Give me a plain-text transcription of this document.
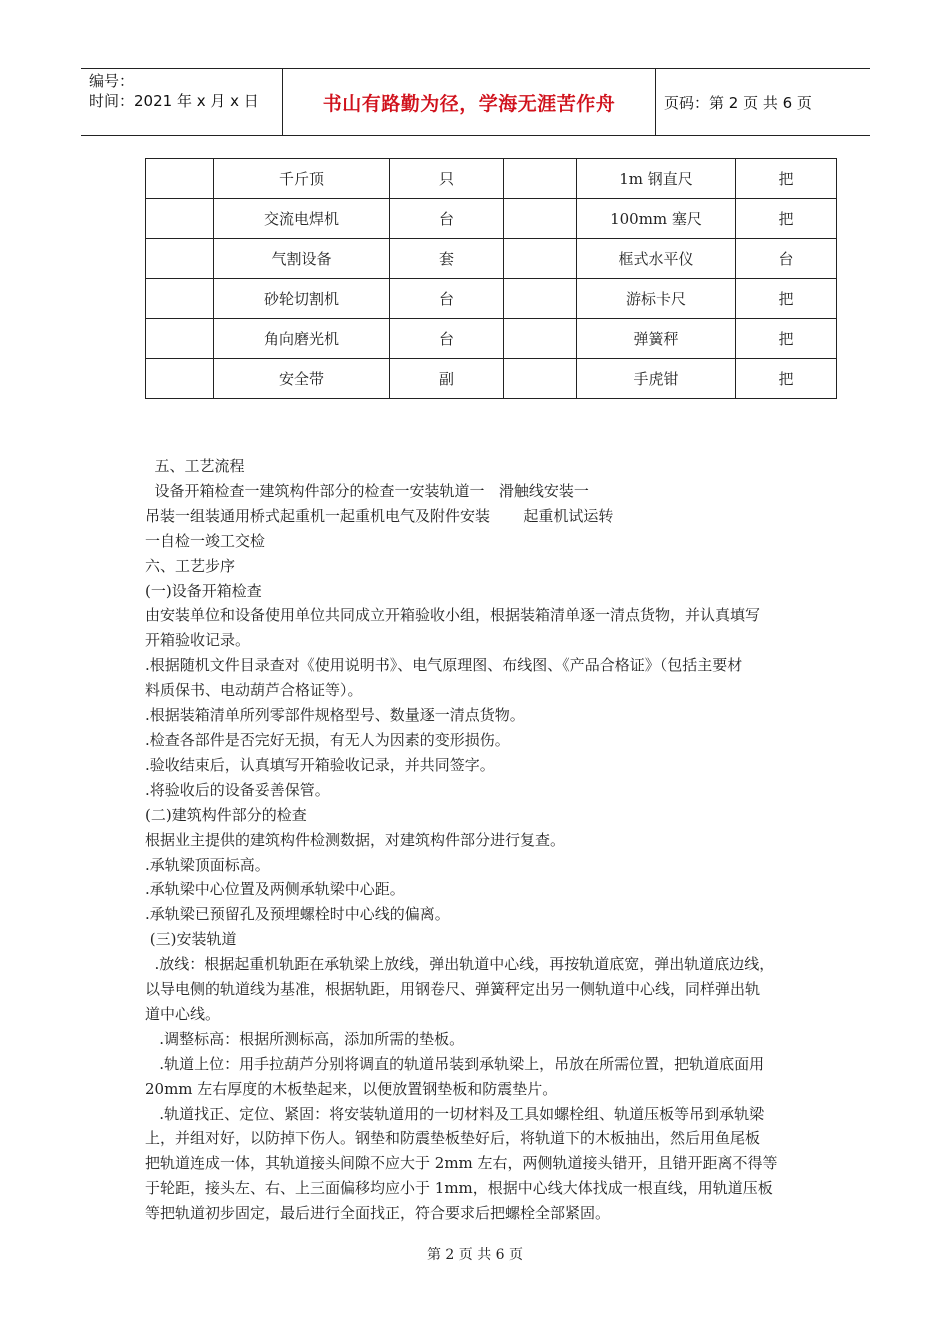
编号：
时间：2021 年 x 月 x 日	书山有路勤为径，学海无涯苦作舟	页码：第 2 页 共 6 页
	千斤顶	只		1m 钢直尺	把
	交流电焊机	台		100mm 塞尺	把
	气割设备	套		框式水平仪	台
	砂轮切割机	台		游标卡尺	把
	角向磨光机	台		弹簧秤	把
	安全带	副		手虎钳	把

五、工艺流程

设备开箱检查一建筑构件部分的检查一安装轨道一   滑触线安装一

吊装一组装通用桥式起重机一起重机电气及附件安装       起重机试运转

一自检一竣工交检

六、工艺步序

(一)设备开箱检查

由安装单位和设备使用单位共同成立开箱验收小组，根据装箱清单逐一清点货物，并认真填写

开箱验收记录。

.根据随机文件目录查对《使用说明书》、电气原理图、布线图、《产品合格证》（包括主要材

料质保书、电动葫芦合格证等）。

.根据装箱清单所列零部件规格型号、数量逐一清点货物。

.检查各部件是否完好无损，有无人为因素的变形损伤。

.验收结束后，认真填写开箱验收记录，并共同签字。

.将验收后的设备妥善保管。

(二)建筑构件部分的检查

根据业主提供的建筑构件检测数据，对建筑构件部分进行复查。

.承轨梁顶面标高。

.承轨梁中心位置及两侧承轨梁中心距。

.承轨梁已预留孔及预埋螺栓时中心线的偏离。

(三)安装轨道

.放线：根据起重机轨距在承轨梁上放线，弹出轨道中心线，再按轨道底宽，弹出轨道底边线，

以导电侧的轨道线为基准，根据轨距，用钢卷尺、弹簧秤定出另一侧轨道中心线，同样弹出轨

道中心线。

.调整标高：根据所测标高，添加所需的垫板。

.轨道上位：用手拉葫芦分别将调直的轨道吊装到承轨梁上，吊放在所需位置，把轨道底面用

20mm 左右厚度的木板垫起来，以便放置钢垫板和防震垫片。

.轨道找正、定位、紧固：将安装轨道用的一切材料及工具如螺栓组、轨道压板等吊到承轨梁

上，并组对好，以防掉下伤人。钢垫和防震垫板垫好后，将轨道下的木板抽出，然后用鱼尾板

把轨道连成一体，其轨道接头间隙不应大于 2mm 左右，两侧轨道接头错开，且错开距离不得等

于轮距，接头左、右、上三面偏移均应小于 1mm，根据中心线大体找成一根直线，用轨道压板

等把轨道初步固定，最后进行全面找正，符合要求后把螺栓全部紧固。

第 2 页 共 6 页
